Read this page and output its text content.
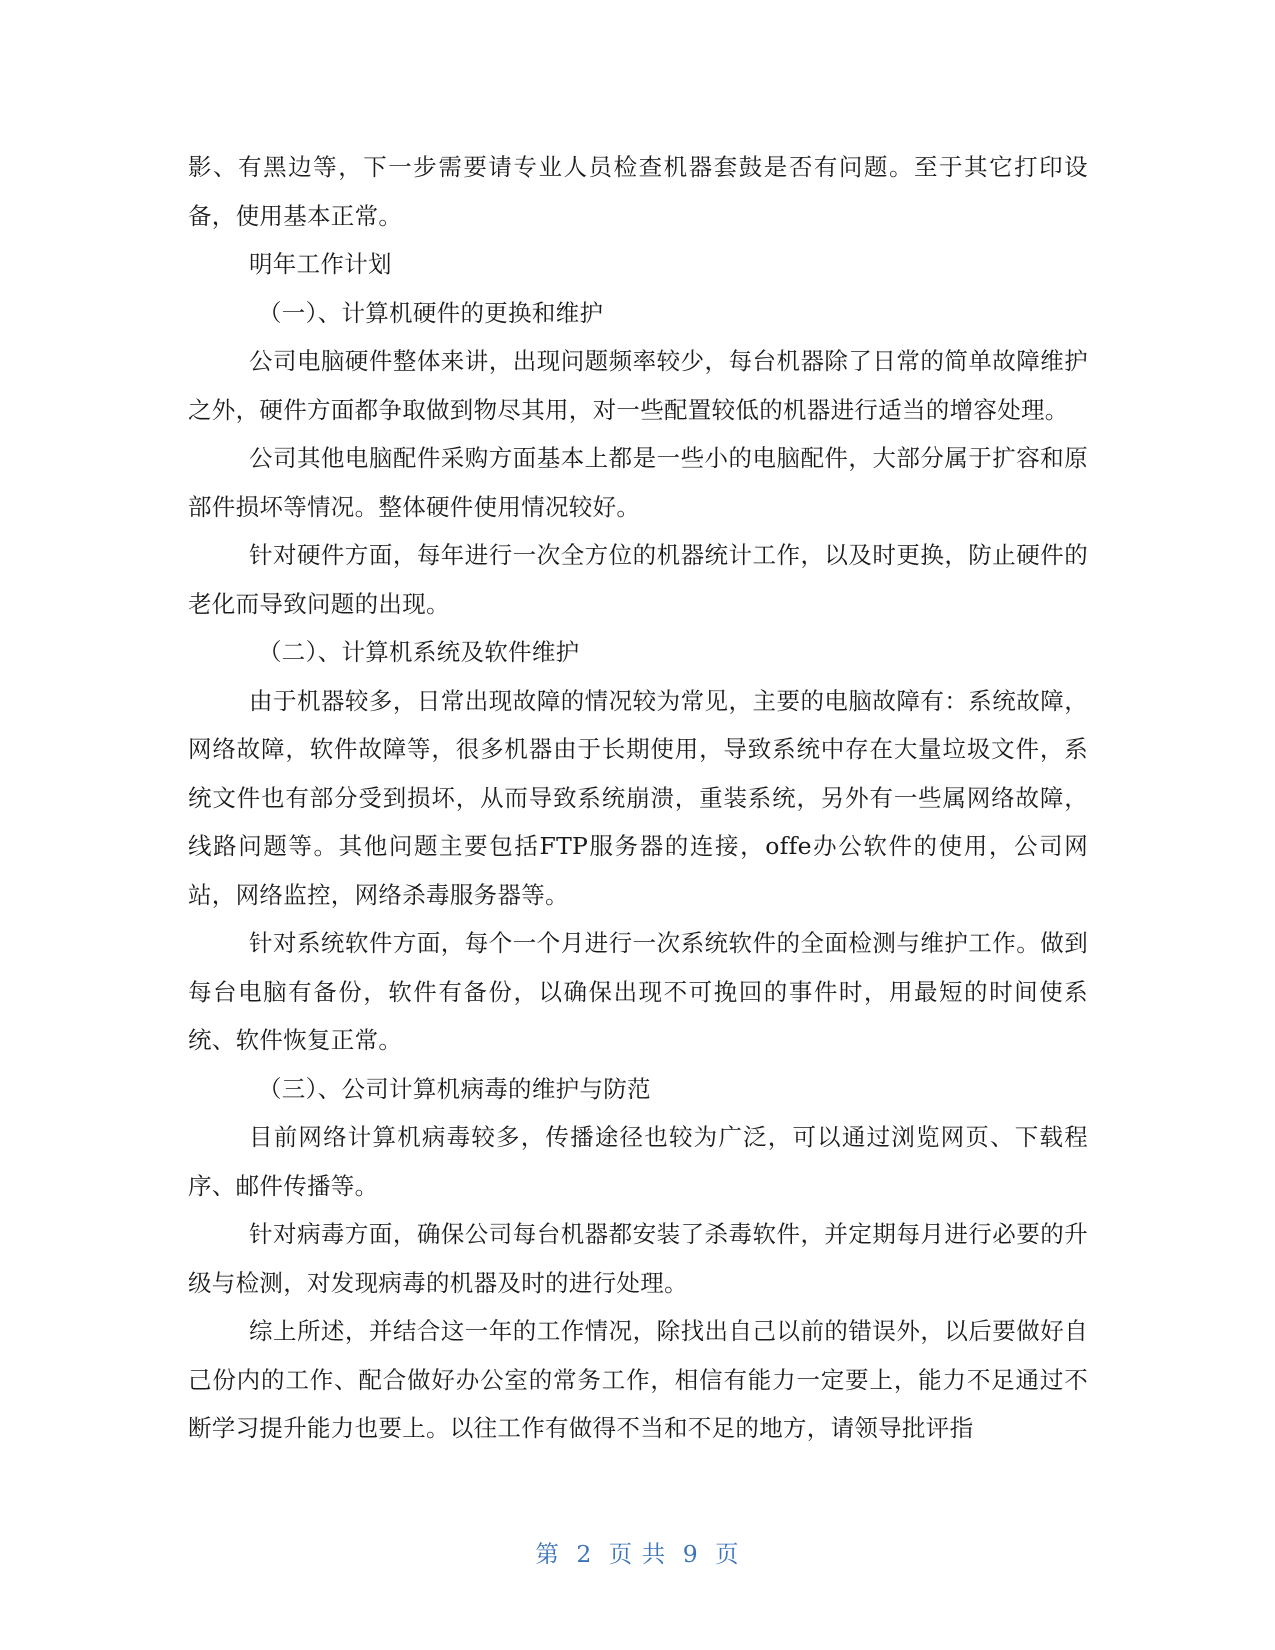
影、有黑边等，下一步需要请专业人员检查机器套鼓是否有问题。至于其它打印设备，使用基本正常。

明年工作计划

（一）、计算机硬件的更换和维护

公司电脑硬件整体来讲，出现问题频率较少，每台机器除了日常的简单故障维护之外，硬件方面都争取做到物尽其用，对一些配置较低的机器进行适当的增容处理。

公司其他电脑配件采购方面基本上都是一些小的电脑配件，大部分属于扩容和原部件损坏等情况。整体硬件使用情况较好。

针对硬件方面，每年进行一次全方位的机器统计工作，以及时更换，防止硬件的老化而导致问题的出现。

（二）、计算机系统及软件维护

由于机器较多，日常出现故障的情况较为常见，主要的电脑故障有：系统故障，网络故障，软件故障等，很多机器由于长期使用，导致系统中存在大量垃圾文件，系统文件也有部分受到损坏，从而导致系统崩溃，重装系统，另外有一些属网络故障，线路问题等。其他问题主要包括FTP服务器的连接，offe办公软件的使用，公司网站，网络监控，网络杀毒服务器等。

针对系统软件方面，每个一个月进行一次系统软件的全面检测与维护工作。做到每台电脑有备份，软件有备份，以确保出现不可挽回的事件时，用最短的时间使系统、软件恢复正常。

（三）、公司计算机病毒的维护与防范

目前网络计算机病毒较多，传播途径也较为广泛，可以通过浏览网页、下载程序、邮件传播等。

针对病毒方面，确保公司每台机器都安装了杀毒软件，并定期每月进行必要的升级与检测，对发现病毒的机器及时的进行处理。

综上所述，并结合这一年的工作情况，除找出自己以前的错误外，以后要做好自己份内的工作、配合做好办公室的常务工作，相信有能力一定要上，能力不足通过不断学习提升能力也要上。以往工作有做得不当和不足的地方，请领导批评指

第 2 页 共 9 页
